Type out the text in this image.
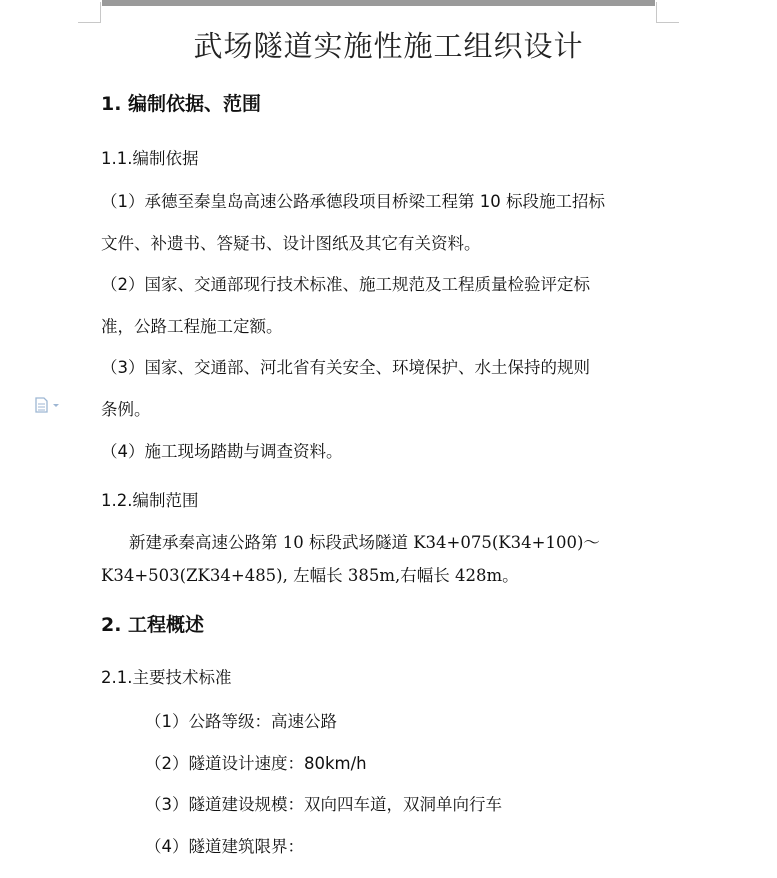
武场隧道实施性施工组织设计
1. 编制依据、范围
1.1.编制依据
（1）承德至秦皇岛高速公路承德段项目桥梁工程第 10 标段施工招标
文件、补遗书、答疑书、设计图纸及其它有关资料。
（2）国家、交通部现行技术标准、施工规范及工程质量检验评定标
准，公路工程施工定额。
（3）国家、交通部、河北省有关安全、环境保护、水土保持的规则
条例。
（4）施工现场踏勘与调查资料。
1.2.编制范围
新建承秦高速公路第 10 标段武场隧道 K34+075(K34+100)～
K34+503(ZK34+485), 左幅长 385m,右幅长 428m。
2. 工程概述
2.1.主要技术标准
（1）公路等级：高速公路
（2）隧道设计速度：80km/h
（3）隧道建设规模：双向四车道，双洞单向行车
（4）隧道建筑限界：
